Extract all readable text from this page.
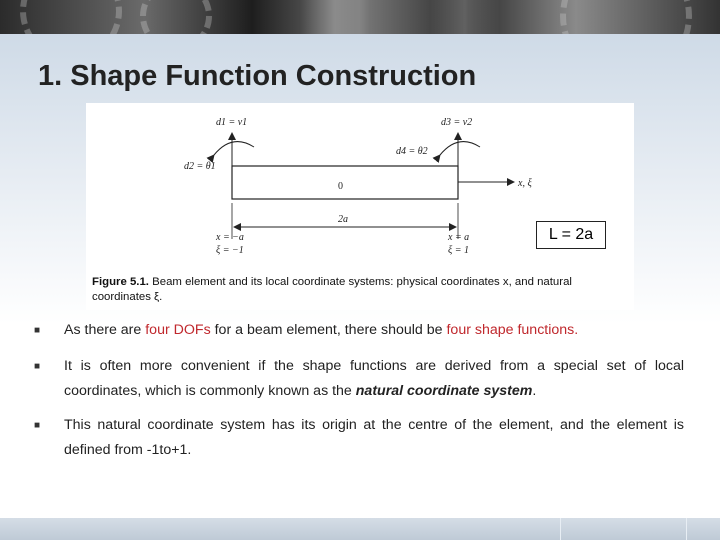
1. Shape Function Construction
d1 = v1	d3 = v2
d2 = θ1
d4 = θ2
0	x, ξ
2a
x = −a
ξ = −1
x = a
ξ = 1
Figure 5.1. Beam element and its local coordinate systems: physical coordinates x, and natural coordinates ξ.
L = 2a
■ As there are four DOFs for a beam element, there should be four shape functions.
■ It is often more convenient if the shape functions are derived from a special set of local coordinates, which is commonly known as the natural coordinate system.
■ This natural coordinate system has its origin at the centre of the element, and the element is defined from -1to+1.
